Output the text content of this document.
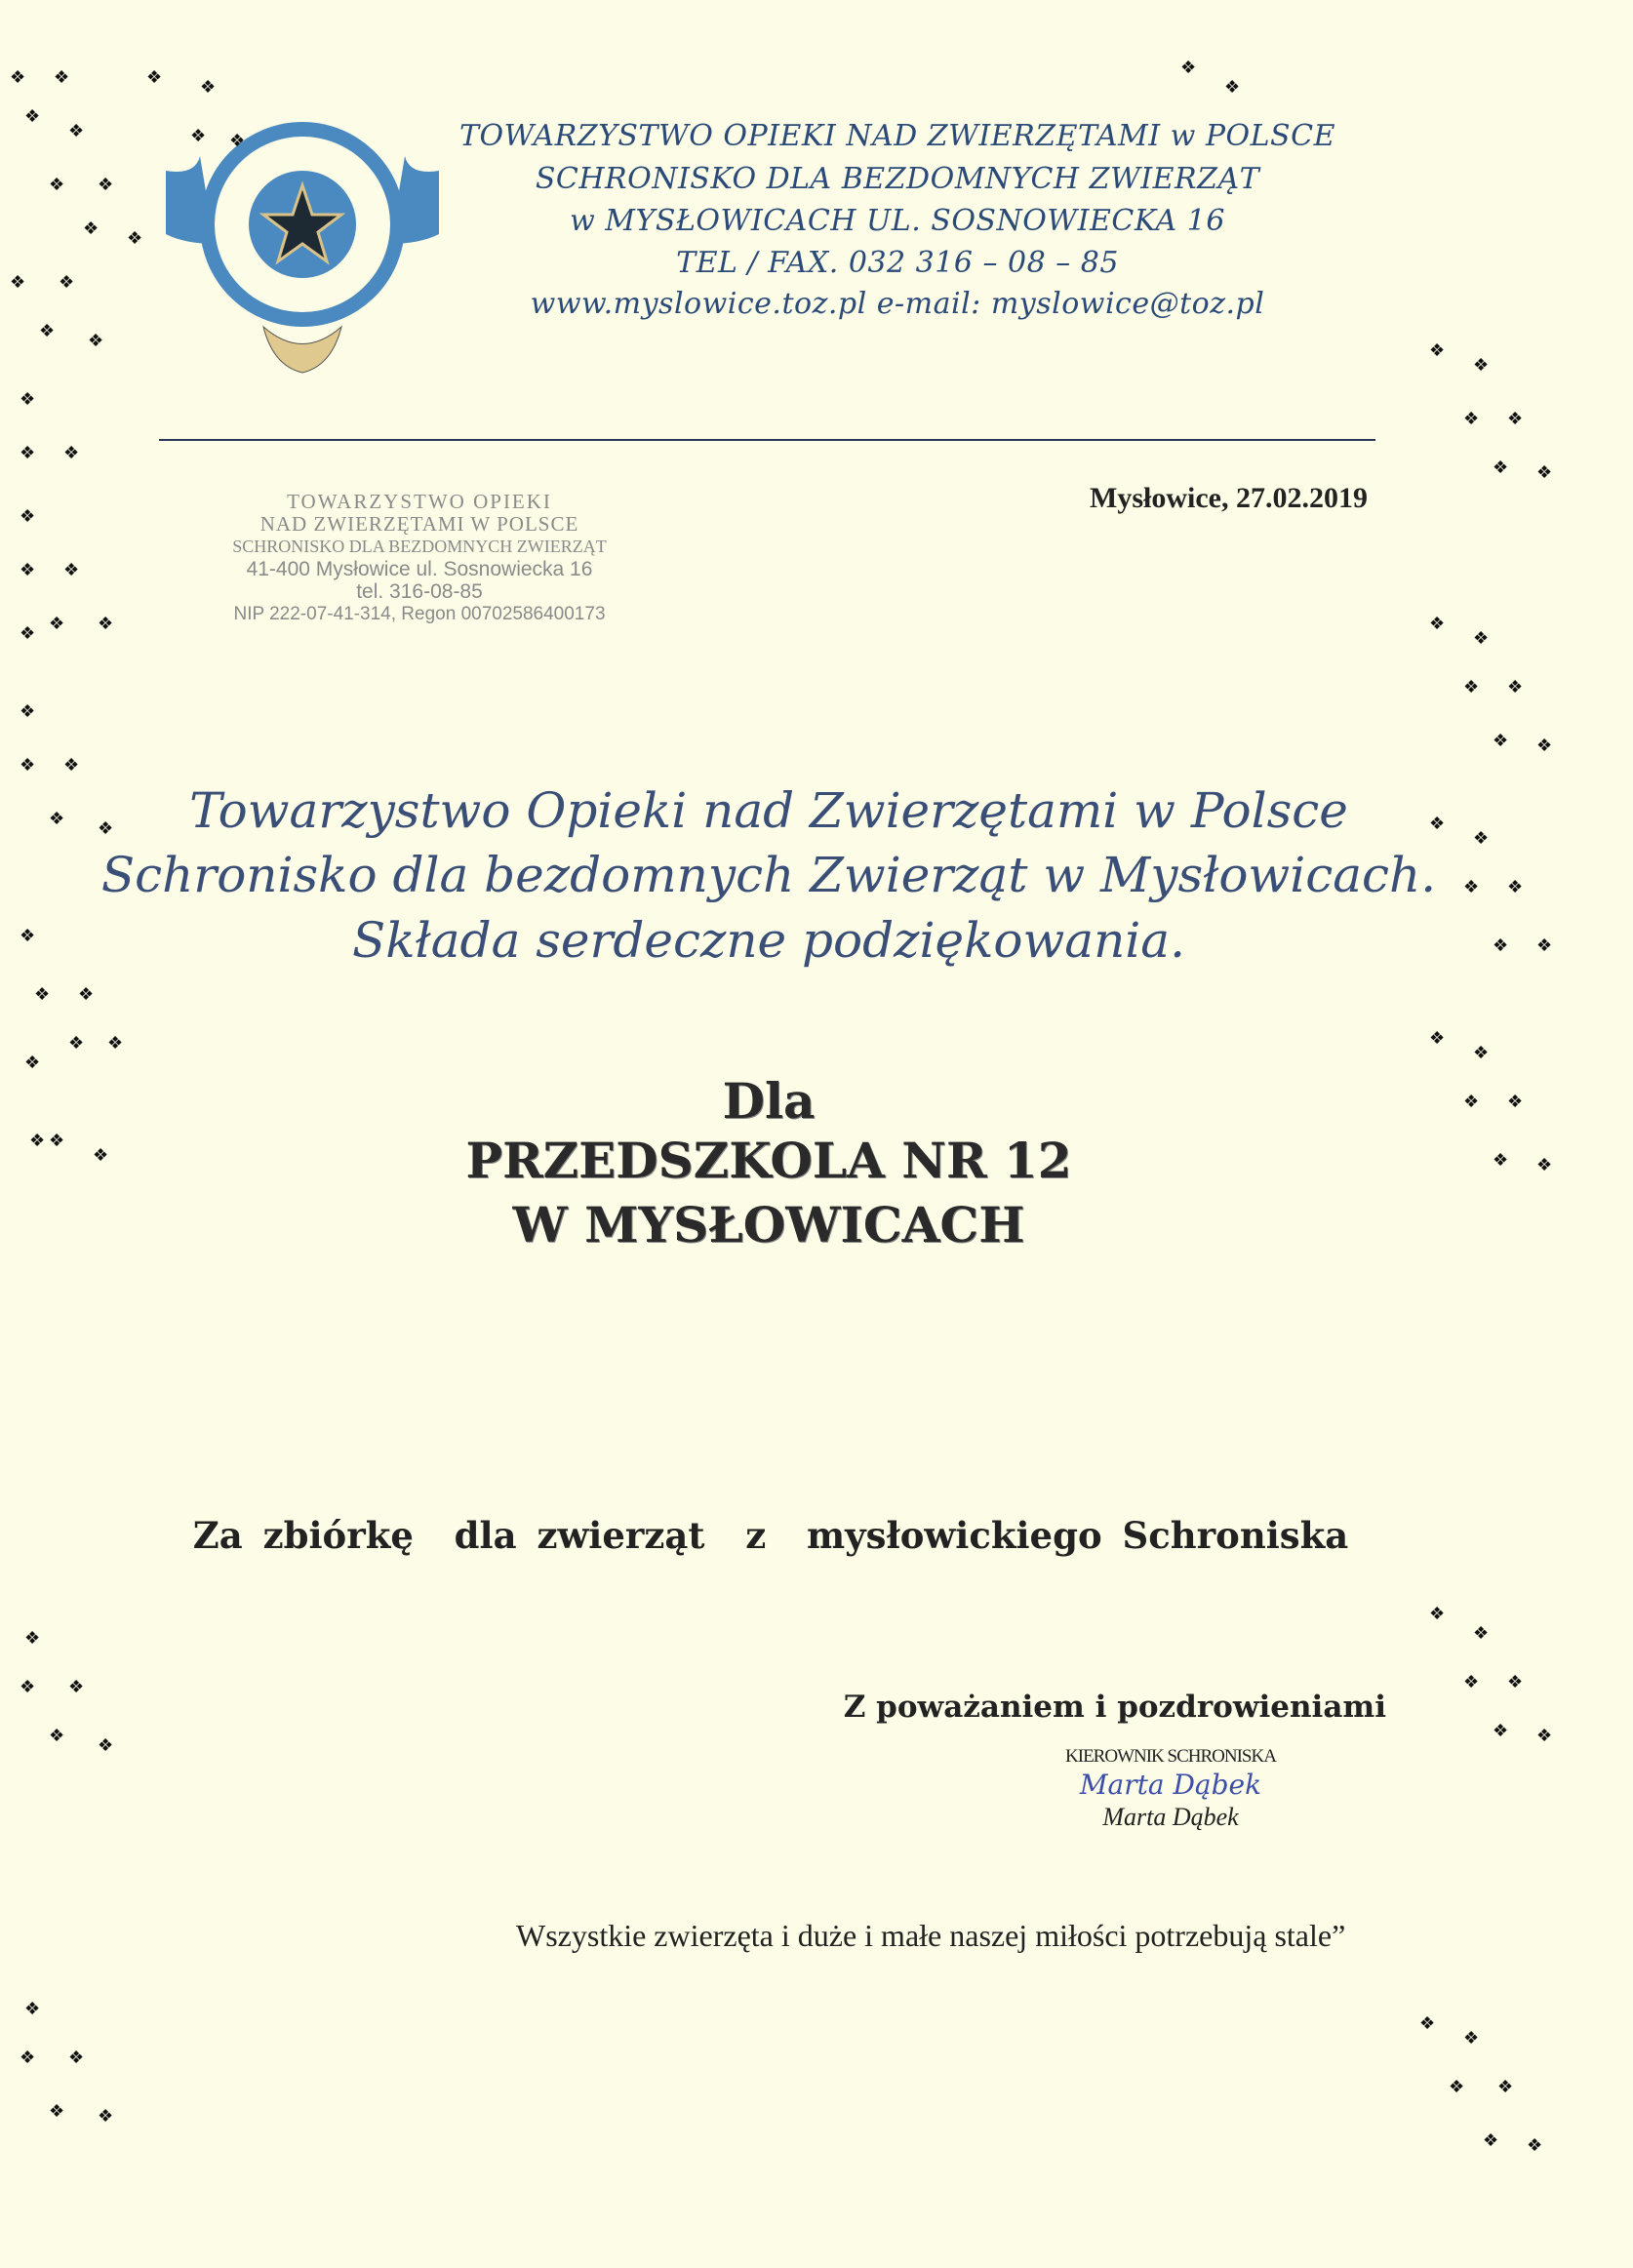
TOWARZYSTWO OPIEKI NAD ZWIERZĘTAMI w POLSCE
SCHRONISKO DLA BEZDOMNYCH ZWIERZĄT
w MYSŁOWICACH UL. SOSNOWIECKA 16
TEL / FAX. 032 316 – 08 – 85
www.myslowice.toz.pl e-mail: myslowice@toz.pl
Mysłowice, 27.02.2019
TOWARZYSTWO OPIEKI
NAD ZWIERZĘTAMI W POLSCE
SCHRONISKO DLA BEZDOMNYCH ZWIERZĄT
41-400 Mysłowice ul. Sosnowiecka 16
tel. 316-08-85
NIP 222-07-41-314, Regon 00702586400173
Towarzystwo Opieki nad Zwierzętami w Polsce
Schronisko dla bezdomnych Zwierząt w Mysłowicach.
Składa serdeczne podziękowania.
Dla
PRZEDSZKOLA NR 12
W MYSŁOWICACH
Za zbiórkę  dla zwierząt  z  mysłowickiego Schroniska
Z poważaniem i pozdrowieniami
KIEROWNIK SCHRONISKA
Marta Dąbek
Marta Dąbek
Wszystkie zwierzęta i duże i małe naszej miłości potrzebują stale”
❖ ❖	❖ ❖
❖
❖	❖ ❖
❖ ❖
❖ ❖
❖ ❖
❖ ❖
❖
❖ ❖
❖
❖ ❖
❖ ❖ ❖
❖
❖ ❖
❖ ❖
❖
❖ ❖
❖
❖ ❖
❖
❖ ❖
❖
❖ ❖
❖ ❖
❖
❖ ❖
❖ ❖
❖
❖
❖
❖
❖ ❖
❖ ❖
❖
❖
❖ ❖
❖ ❖
❖
❖
❖ ❖
❖ ❖
❖
❖
❖ ❖
❖ ❖
❖
❖
❖ ❖
❖ ❖
❖
❖
❖ ❖
❖ ❖
